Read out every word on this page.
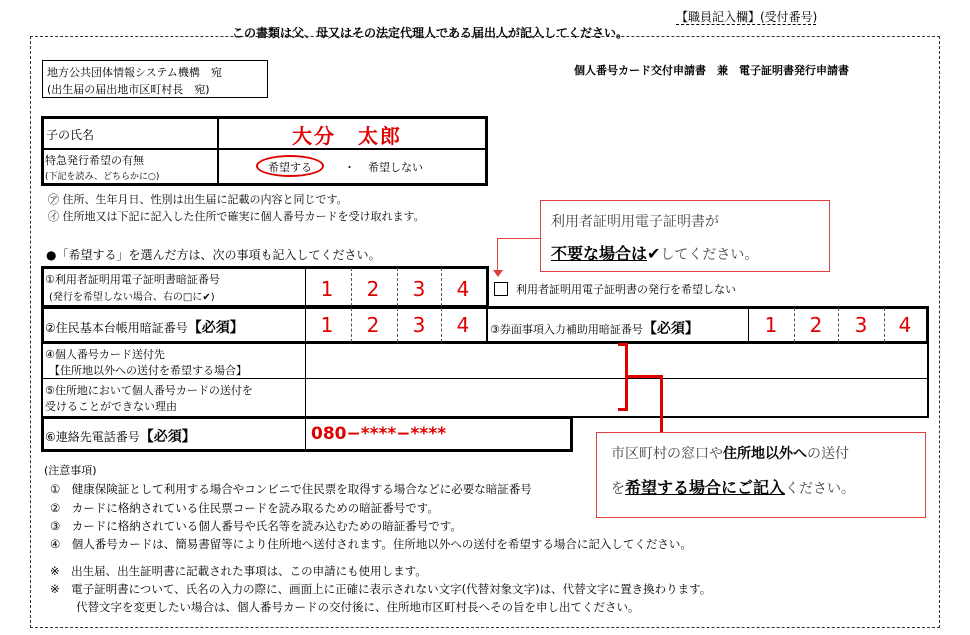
【職員記入欄】(受付番号)
この書類は父、母又はその法定代理人である届出人が記入してください。
地方公共団体情報システム機構　宛
(出生届の届出地市区町村長　宛)
個人番号カード交付申請書　兼　電子証明書発行申請書
子の氏名	大分　太郎
特急発行希望の有無
(下記を読み、どちらかに○)
希望する	・ 希望しない
㋐ 住所、生年月日、性別は出生届に記載の内容と同じです。
㋑ 住所地又は下記に記入した住所で確実に個人番号カードを受け取れます。	利用者証明用電子証明書が
不要な場合は✔してください。
●「希望する」を選んだ方は、次の事項も記入してください。
①利用者証明用電子証明書暗証番号
(発行を希望しない場合、右の□に✔)	1	2	3	4	利用者証明用電子証明書の発行を希望しない
②住民基本台帳用暗証番号【必須】	1	2	3	4	③券面事項入力補助用暗証番号【必須】	1	2	3	4
④個人番号カード送付先
【住所地以外への送付を希望する場合】
⑤住所地において個人番号カードの送付を
受けることができない理由
⑥連絡先電話番号【必須】	080−****−****
市区町村の窓口や住所地以外への送付
を希望する場合にご記入ください。
(注意事項)
①　健康保険証として利用する場合やコンビニで住民票を取得する場合などに必要な暗証番号
②　カードに格納されている住民票コードを読み取るための暗証番号です。
③　カードに格納されている個人番号や氏名等を読み込むための暗証番号です。
④　個人番号カードは、簡易書留等により住所地へ送付されます。住所地以外への送付を希望する場合に記入してください。
※　出生届、出生証明書に記載された事項は、この申請にも使用します。
※　電子証明書について、氏名の入力の際に、画面上に正確に表示されない文字(代替対象文字)は、代替文字に置き換わります。
代替文字を変更したい場合は、個人番号カードの交付後に、住所地市区町村長へその旨を申し出てください。
